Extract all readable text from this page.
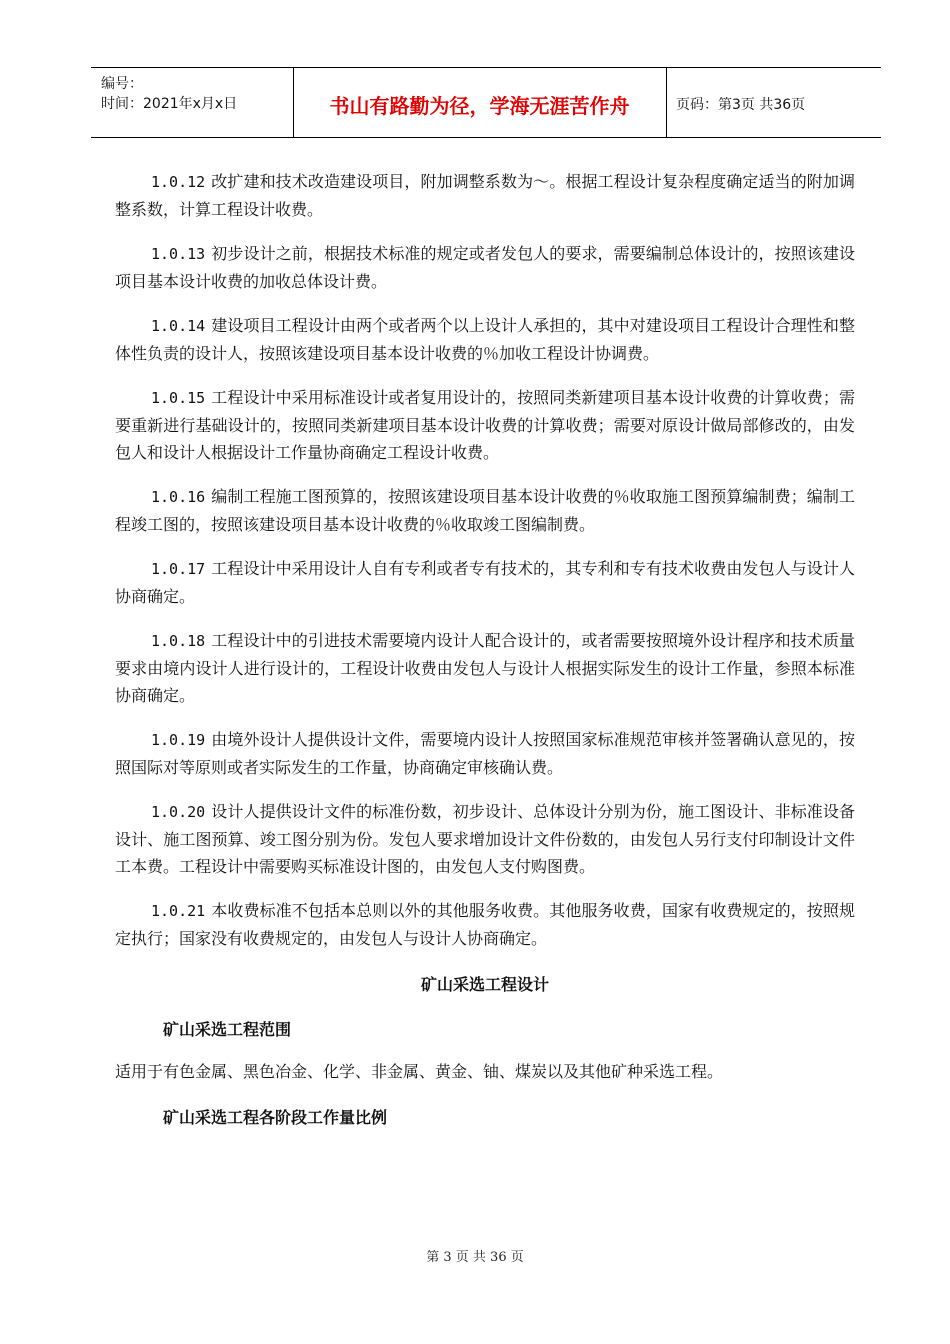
编号：
时间：2021年x月x日	书山有路勤为径，学海无涯苦作舟	页码：第3页 共36页

1.0.12 改扩建和技术改造建设项目，附加调整系数为～。根据工程设计复杂程度确定适当的附加调整系数，计算工程设计收费。

1.0.13 初步设计之前，根据技术标准的规定或者发包人的要求，需要编制总体设计的，按照该建设项目基本设计收费的加收总体设计费。

1.0.14 建设项目工程设计由两个或者两个以上设计人承担的，其中对建设项目工程设计合理性和整体性负责的设计人，按照该建设项目基本设计收费的％加收工程设计协调费。

1.0.15 工程设计中采用标准设计或者复用设计的，按照同类新建项目基本设计收费的计算收费；需要重新进行基础设计的，按照同类新建项目基本设计收费的计算收费；需要对原设计做局部修改的，由发包人和设计人根据设计工作量协商确定工程设计收费。

1.0.16 编制工程施工图预算的，按照该建设项目基本设计收费的％收取施工图预算编制费；编制工程竣工图的，按照该建设项目基本设计收费的％收取竣工图编制费。

1.0.17 工程设计中采用设计人自有专利或者专有技术的，其专利和专有技术收费由发包人与设计人协商确定。

1.0.18 工程设计中的引进技术需要境内设计人配合设计的，或者需要按照境外设计程序和技术质量要求由境内设计人进行设计的，工程设计收费由发包人与设计人根据实际发生的设计工作量，参照本标准协商确定。

1.0.19 由境外设计人提供设计文件，需要境内设计人按照国家标准规范审核并签署确认意见的，按照国际对等原则或者实际发生的工作量，协商确定审核确认费。

1.0.20 设计人提供设计文件的标准份数，初步设计、总体设计分别为份，施工图设计、非标准设备设计、施工图预算、竣工图分别为份。发包人要求增加设计文件份数的，由发包人另行支付印制设计文件工本费。工程设计中需要购买标准设计图的，由发包人支付购图费。

1.0.21 本收费标准不包括本总则以外的其他服务收费。其他服务收费，国家有收费规定的，按照规定执行；国家没有收费规定的，由发包人与设计人协商确定。

矿山采选工程设计
矿山采选工程范围

适用于有色金属、黑色冶金、化学、非金属、黄金、铀、煤炭以及其他矿种采选工程。

矿山采选工程各阶段工作量比例
第 3 页 共 36 页
